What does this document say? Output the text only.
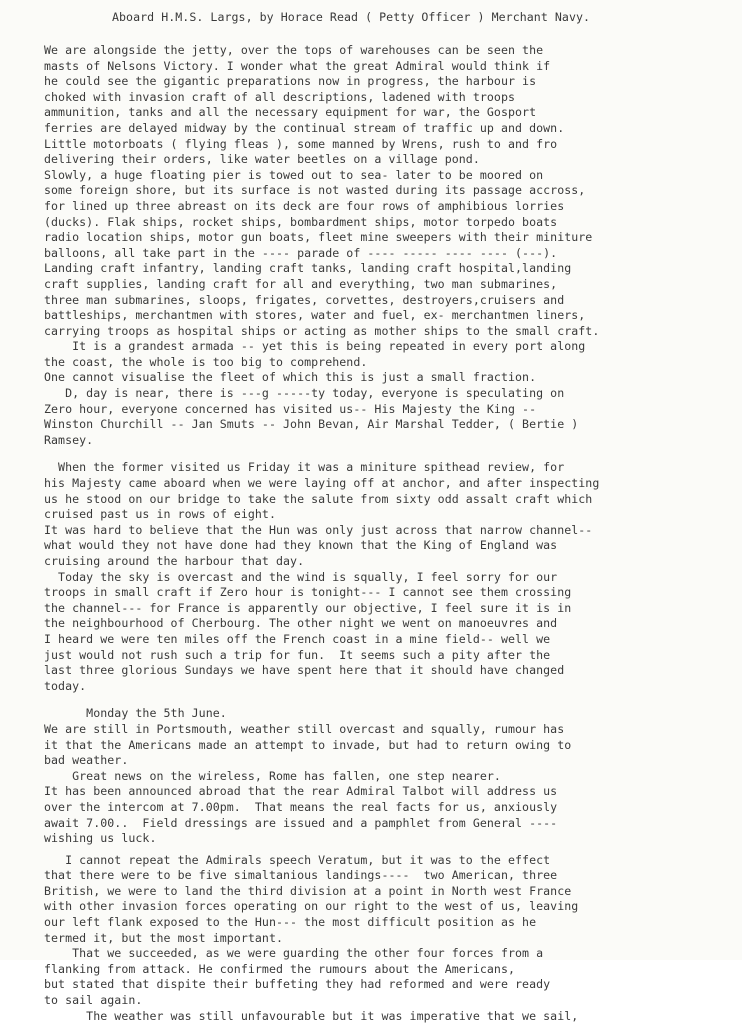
Aboard H.M.S. Largs, by Horace Read ( Petty Officer ) Merchant Navy.
We are alongside the jetty, over the tops of warehouses can be seen the
masts of Nelsons Victory. I wonder what the great Admiral would think if
he could see the gigantic preparations now in progress, the harbour is
choked with invasion craft of all descriptions, ladened with troops
ammunition, tanks and all the necessary equipment for war, the Gosport
ferries are delayed midway by the continual stream of traffic up and down.
Little motorboats ( flying fleas ), some manned by Wrens, rush to and fro
delivering their orders, like water beetles on a village pond.
Slowly, a huge floating pier is towed out to sea- later to be moored on
some foreign shore, but its surface is not wasted during its passage accross,
for lined up three abreast on its deck are four rows of amphibious lorries
(ducks). Flak ships, rocket ships, bombardment ships, motor torpedo boats
radio location ships, motor gun boats, fleet mine sweepers with their miniture
balloons, all take part in the ---- parade of ---- ----- ---- ---- (---).
Landing craft infantry, landing craft tanks, landing craft hospital,landing
craft supplies, landing craft for all and everything, two man submarines,
three man submarines, sloops, frigates, corvettes, destroyers,cruisers and
battleships, merchantmen with stores, water and fuel, ex- merchantmen liners,
carrying troops as hospital ships or acting as mother ships to the small craft.
It is a grandest armada -- yet this is being repeated in every port along
the coast, the whole is too big to comprehend.
One cannot visualise the fleet of which this is just a small fraction.
D, day is near, there is ---g -----ty today, everyone is speculating on
Zero hour, everyone concerned has visited us-- His Majesty the King --
Winston Churchill -- Jan Smuts -- John Bevan, Air Marshal Tedder, ( Bertie )
Ramsey.
When the former visited us Friday it was a miniture spithead review, for
his Majesty came aboard when we were laying off at anchor, and after inspecting
us he stood on our bridge to take the salute from sixty odd assalt craft which
cruised past us in rows of eight.
It was hard to believe that the Hun was only just across that narrow channel--
what would they not have done had they known that the King of England was
cruising around the harbour that day.
Today the sky is overcast and the wind is squally, I feel sorry for our
troops in small craft if Zero hour is tonight--- I cannot see them crossing
the channel--- for France is apparently our objective, I feel sure it is in
the neighbourhood of Cherbourg. The other night we went on manoeuvres and
I heard we were ten miles off the French coast in a mine field-- well we
just would not rush such a trip for fun.  It seems such a pity after the
last three glorious Sundays we have spent here that it should have changed
today.
Monday the 5th June.
We are still in Portsmouth, weather still overcast and squally, rumour has
it that the Americans made an attempt to invade, but had to return owing to
bad weather.
Great news on the wireless, Rome has fallen, one step nearer.
It has been announced abroad that the rear Admiral Talbot will address us
over the intercom at 7.00pm.  That means the real facts for us, anxiously
await 7.00..  Field dressings are issued and a pamphlet from General ----
wishing us luck.
I cannot repeat the Admirals speech Veratum, but it was to the effect
that there were to be five simaltanious landings----  two American, three
British, we were to land the third division at a point in North west France
with other invasion forces operating on our right to the west of us, leaving
our left flank exposed to the Hun--- the most difficult position as he
termed it, but the most important.
That we succeeded, as we were guarding the other four forces from a
flanking from attack. He confirmed the rumours about the Americans,
but stated that dispite their buffeting they had reformed and were ready
to sail again.
The weather was still unfavourable but it was imperative that we sail,
